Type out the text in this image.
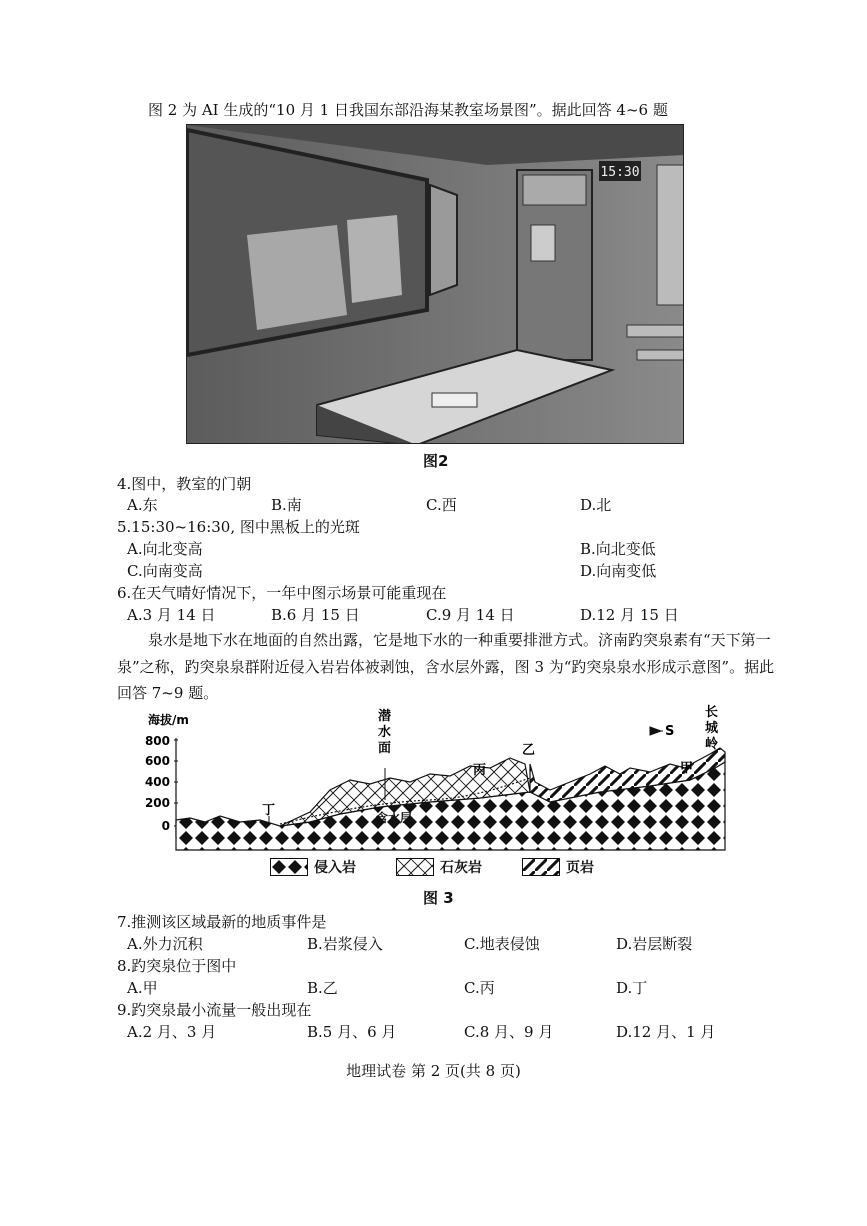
图 2 为 AI 生成的“10 月 1 日我国东部沿海某教室场景图”。据此回答 4~6 题
15:30
图2
4.图中，教室的门朝
A.东	B.南	C.西	D.北
5.15:30~16:30, 图中黑板上的光斑
A.向北变高	B.向北变低
C.向南变高	D.向南变低
6.在天气晴好情况下，一年中图示场景可能重现在
A.3 月 14 日	B.6 月 15 日	C.9 月 14 日	D.12 月 15 日
泉水是地下水在地面的自然出露，它是地下水的一种重要排泄方式。济南趵突泉素有“天下第一
泉”之称，趵突泉泉群附近侵入岩岩体被剥蚀，含水层外露，图 3 为“趵突泉泉水形成示意图”。据此
回答 7~9 题。
海拔/m
800
600
400
200
0
潜
水
面
含水层
丁
丙
乙
甲
S
长
城
岭
侵入岩	石灰岩	页岩
图 3
7.推测该区域最新的地质事件是
A.外力沉积	B.岩浆侵入	C.地表侵蚀	D.岩层断裂
8.趵突泉位于图中
A.甲	B.乙	C.丙	D.丁
9.趵突泉最小流量一般出现在
A.2 月、3 月	B.5 月、6 月	C.8 月、9 月	D.12 月、1 月
地理试卷 第 2 页(共 8 页)
